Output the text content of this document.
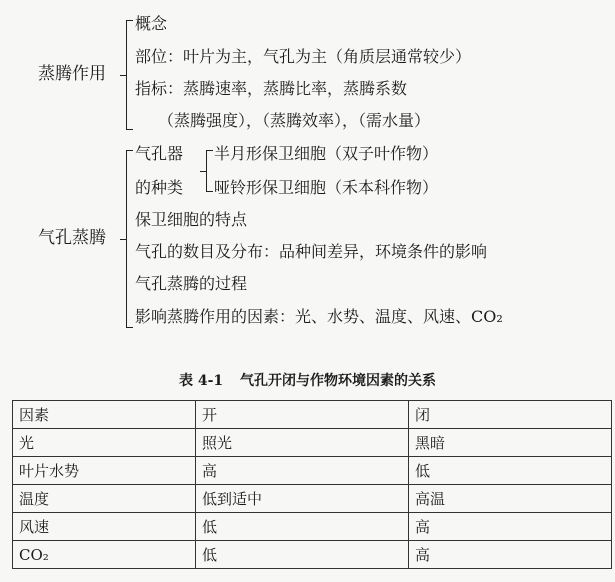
蒸腾作用
概念
部位：叶片为主，气孔为主（角质层通常较少）
指标：蒸腾速率，蒸腾比率，蒸腾系数
（蒸腾强度），（蒸腾效率），（需水量）
气孔蒸腾
气孔器
的种类
半月形保卫细胞（双子叶作物）
哑铃形保卫细胞（禾本科作物）
保卫细胞的特点
气孔的数目及分布：品种间差异，环境条件的影响
气孔蒸腾的过程
影响蒸腾作用的因素：光、水势、温度、风速、CO₂
表 4-1 气孔开闭与作物环境因素的关系
因素	开	闭
光	照光	黑暗
叶片水势	高	低
温度	低到适中	高温
风速	低	高
CO₂	低	高
